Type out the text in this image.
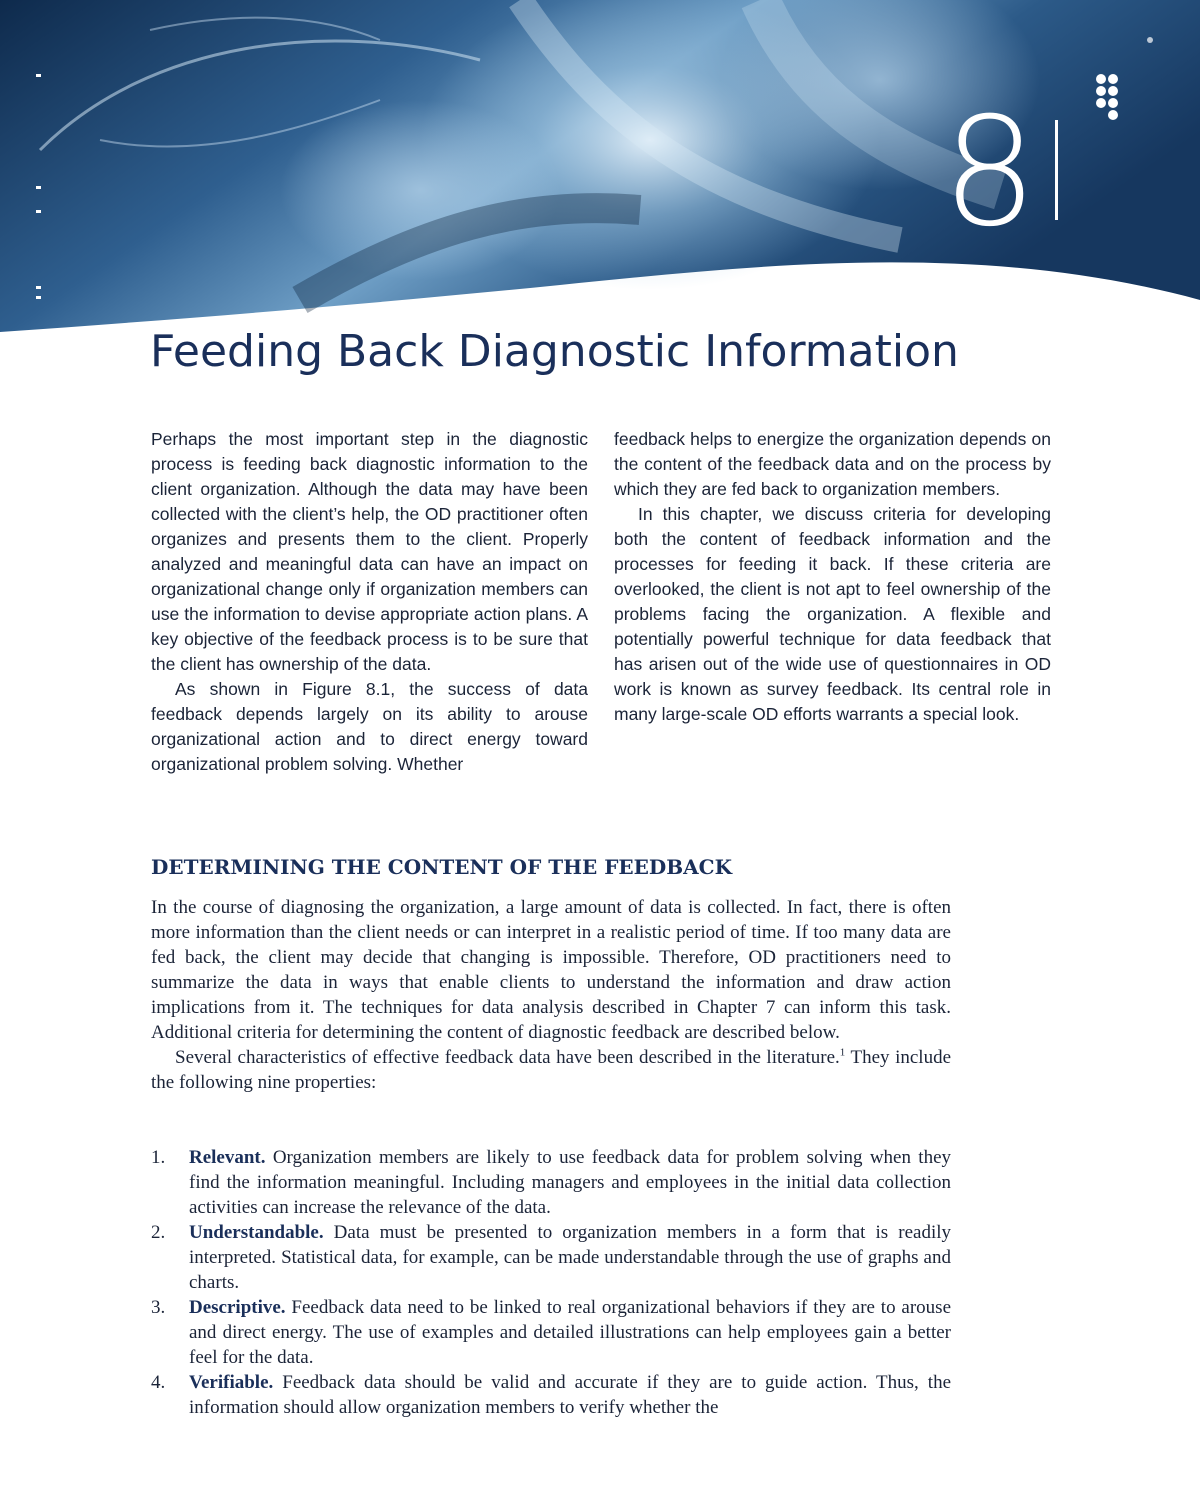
8
Feeding Back Diagnostic Information

Perhaps the most important step in the diagnostic process is feeding back diagnostic information to the client organization. Although the data may have been collected with the client’s help, the OD practitioner often organizes and presents them to the client. Properly analyzed and meaningful data can have an impact on organizational change only if organization members can use the information to devise appropriate action plans. A key objective of the feedback process is to be sure that the client has ownership of the data.

As shown in Figure 8.1, the success of data feedback depends largely on its ability to arouse organizational action and to direct energy toward organizational problem solving. Whether

feedback helps to energize the organization depends on the content of the feedback data and on the process by which they are fed back to organization members.

In this chapter, we discuss criteria for developing both the content of feedback information and the processes for feeding it back. If these criteria are overlooked, the client is not apt to feel ownership of the problems facing the organization. A flexible and potentially powerful technique for data feedback that has arisen out of the wide use of questionnaires in OD work is known as survey feedback. Its central role in many large-scale OD efforts warrants a special look.

DETERMINING THE CONTENT OF THE FEEDBACK

In the course of diagnosing the organization, a large amount of data is collected. In fact, there is often more information than the client needs or can interpret in a realistic period of time. If too many data are fed back, the client may decide that changing is impossible. Therefore, OD practitioners need to summarize the data in ways that enable clients to understand the information and draw action implications from it. The techniques for data analysis described in Chapter 7 can inform this task. Additional criteria for determining the content of diagnostic feedback are described below.

Several characteristics of effective feedback data have been described in the literature.$^1$ They include the following nine properties:

1. Relevant. Organization members are likely to use feedback data for problem solving when they find the information meaningful. Including managers and employees in the initial data collection activities can increase the relevance of the data.
2. Understandable. Data must be presented to organization members in a form that is readily interpreted. Statistical data, for example, can be made understandable through the use of graphs and charts.
3. Descriptive. Feedback data need to be linked to real organizational behaviors if they are to arouse and direct energy. The use of examples and detailed illustrations can help employees gain a better feel for the data.
4. Verifiable. Feedback data should be valid and accurate if they are to guide action. Thus, the information should allow organization members to verify whether the
